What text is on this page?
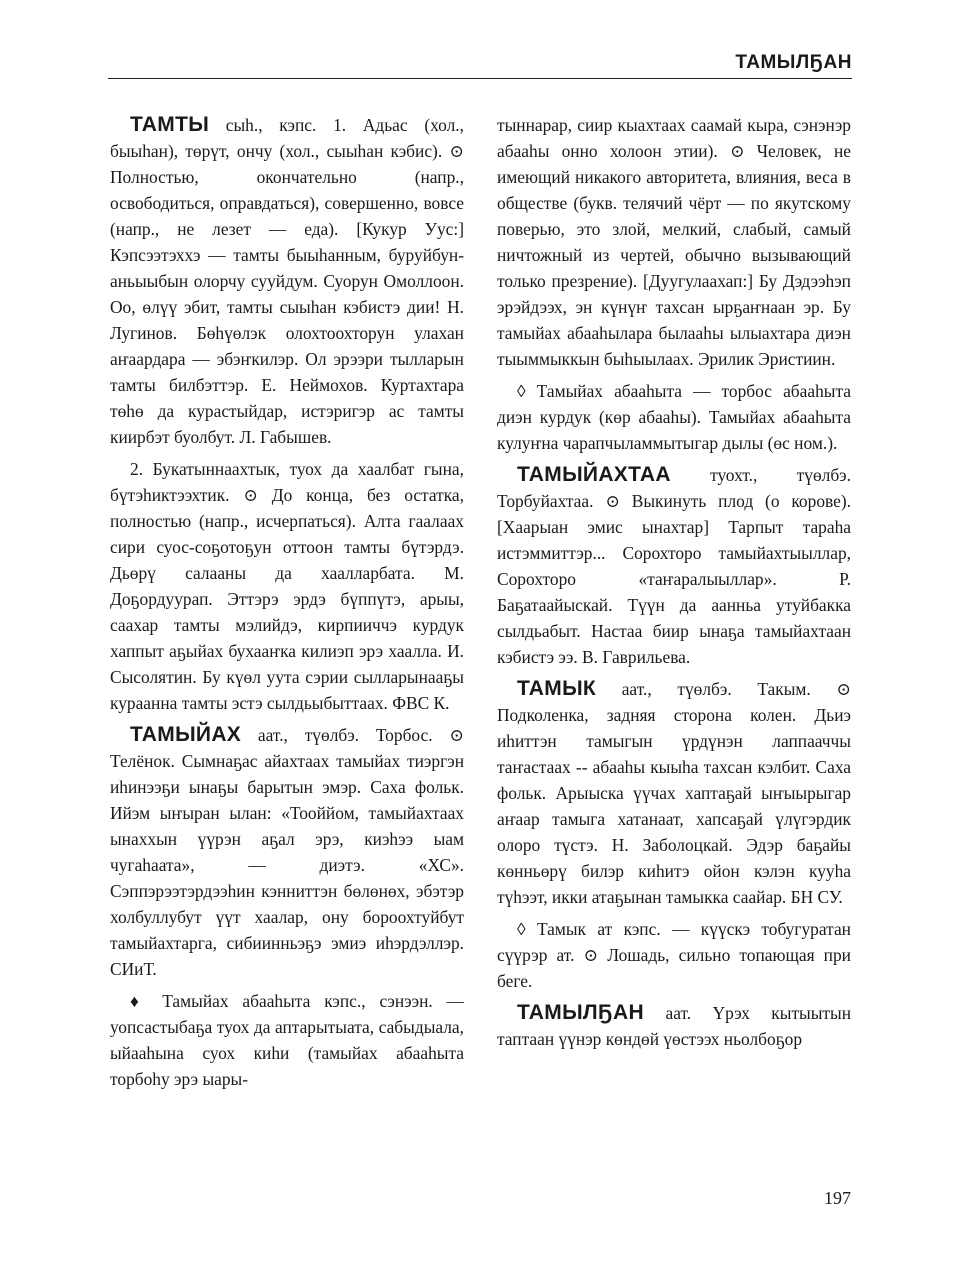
ТАМЫЛҔАН

ТАМТЫ сыһ., кэпс. 1. Адьас (хол., быыһан), төрүт, ончу (хол., сыыһан кэбис). ⊙ Полностью, окончательно (напр., освободиться, оправдаться), совершенно, вовсе (напр., не лезет — еда). [Кукур Уус:] Кэпсээтэххэ — тамты быыһанным, буруйбун-аньыыбын олорчу сууйдум. Суорун Омоллоон. Оо, өлүү эбит, тамты сыыһан кэбистэ дии! Н. Лугинов. Бөһүөлэк олохтоохторун улахан аҥаардара — эбэҥкилэр. Ол эрээри тылларын тамты билбэттэр. Е. Неймохов. Куртахтара төһө да курастыйдар, истэригэр ас тамты киирбэт буолбут. Л. Габышев.

2. Букатыннаахтык, туох да хаалбат гына, бүтэһиктээхтик. ⊙ До конца, без остатка, полностью (напр., исчерпаться). Алта гаалаах сири суос-соҕотоҕун оттоон тамты бүтэрдэ. Дьөрү салааны да хаалларбата. М. Доҕордуурап. Эттэрэ эрдэ бүппүтэ, арыы, саахар тамты мэлийдэ, кирпииччэ курдук хаппыт аҕыйах бухааҥка килиэп эрэ хаалла. И. Сысолятин. Бу күөл уута сэрии сылларынааҕы кураанна тамты эстэ сылдьыбыттаах. ФВС К.

ТАМЫЙАХ аат., түөлбэ. Торбос. ⊙ Телёнок. Сымнаҕас айахтаах тамыйах тиэргэн иһинээҕи ынаҕы барытын эмэр. Саха фольк. Ийэм ыҥыран ылан: «Тооййом, тамыйахтаах ынаххын үүрэн аҕал эрэ, киэһээ ыам чугаһаата», — диэтэ. «ХС». Сэппэрээтэрдээһин кэнниттэн бөлөнөх, эбэтэр холбуллубут үүт хаалар, ону бороохтуйбут тамыйахтарга, сибиинньэҕэ эмиэ иһэрдэллэр. СИиТ.

♦ Тамыйах абааһыта кэпс., сэнээн. — уопсастыбаҕа туох да аптарытыата, сабыдыала, ыйааһына суох киһи (тамыйах абааһыта торбоһу эрэ ыары-

тыннарар, сиир кыахтаах саамай кыра, сэнэнэр абааһы онно холоон этии). ⊙ Человек, не имеющий никакого авторитета, влияния, веса в обществе (букв. телячий чёрт — по якутскому поверью, это злой, мелкий, слабый, самый ничтожный из чертей, обычно вызывающий только презрение). [Дуугулаахап:] Бу Дэдээһэп эрэйдээх, эн күнүҥ тахсан ырҕаҥнаан эр. Бу тамыйах абааһылара былааһы ылыахтара диэн тыыммыккын быһыылаах. Эрилик Эристиин.

◊ Тамыйах абааһыта — торбос абааһыта диэн курдук (көр абааһы). Тамыйах абааһыта кулуҥна чарапчыламмытыгар дылы (өс ном.).

ТАМЫЙАХТАА туохт., түөлбэ. Торбуйахтаа. ⊙ Выкинуть плод (о корове). [Хаарыан эмис ынахтар] Тарпыт тараһа истэммиттэр... Сорохторо тамыйахтыыллар, Сорохторо «таҥаралыыллар». Р. Баҕатаайыскай. Түүн да аанньа утуйбакка сылдьабыт. Настаа биир ынаҕа тамыйахтаан кэбистэ ээ. В. Гаврильева.

ТАМЫК аат., түөлбэ. Такым. ⊙ Подколенка, задняя сторона колен. Дьиэ иһиттэн тамыгын үрдүнэн лаппааччы таҥастаах -- абааһы кыыһа тахсан кэлбит. Саха фольк. Арыыска үүчах хаптаҕай ыҥыырыгар аҥаар тамыга хатанаат, хапсаҕай үлүгэрдик олоро түстэ. Н. Заболоцкай. Эдэр баҕайы көнньөрү билэр киһитэ ойон кэлэн кууһа түһээт, икки атаҕынан тамыкка саайар. БН СУ.

◊ Тамык ат кэпс. — күүскэ тобугуратан сүүрэр ат. ⊙ Лошадь, сильно топающая при беге.

ТАМЫЛҔАН аат. Үрэх кытыытын таптаан үүнэр көндөй үөстээх ньолбоҕор

197
